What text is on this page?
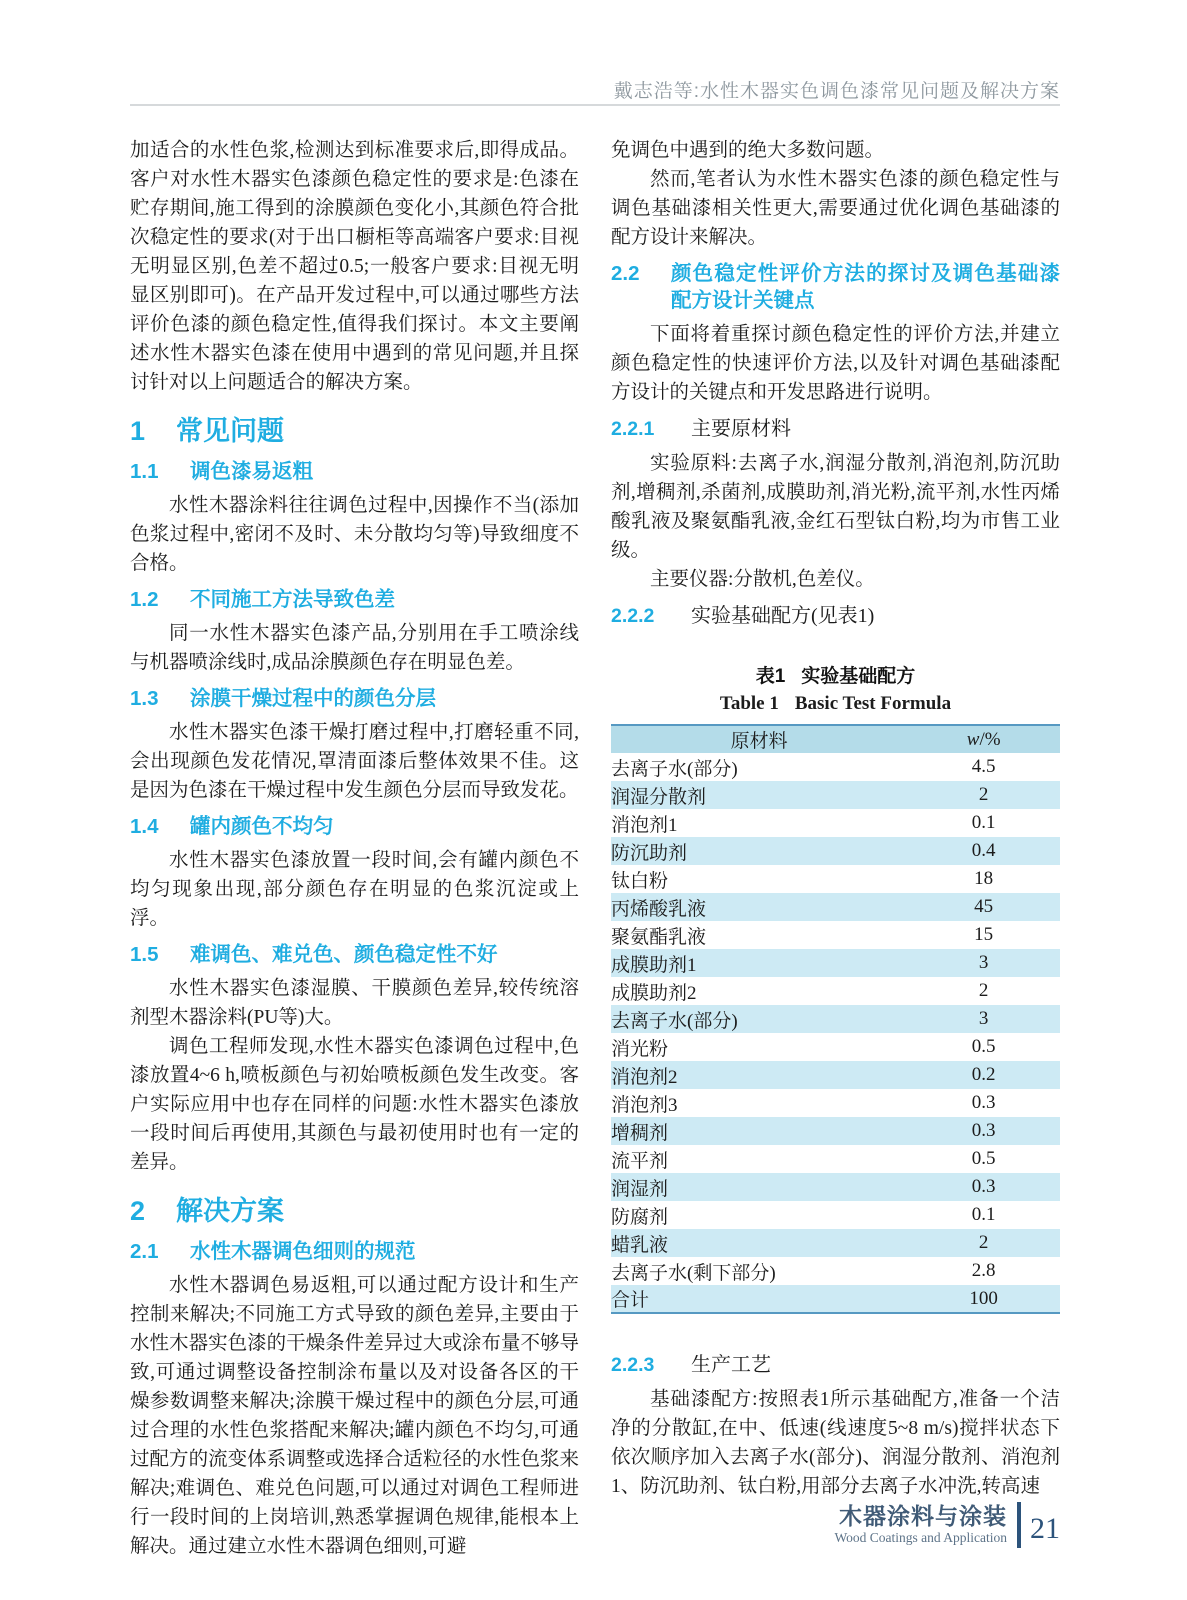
戴志浩等:水性木器实色调色漆常见问题及解决方案

加适合的水性色浆,检测达到标准要求后,即得成品。客户对水性木器实色漆颜色稳定性的要求是:色漆在贮存期间,施工得到的涂膜颜色变化小,其颜色符合批次稳定性的要求(对于出口橱柜等高端客户要求:目视无明显区别,色差不超过0.5;一般客户要求:目视无明显区别即可)。在产品开发过程中,可以通过哪些方法评价色漆的颜色稳定性,值得我们探讨。本文主要阐述水性木器实色漆在使用中遇到的常见问题,并且探讨针对以上问题适合的解决方案。

1	常见问题
1.1	调色漆易返粗

水性木器涂料往往调色过程中,因操作不当(添加色浆过程中,密闭不及时、未分散均匀等)导致细度不合格。

1.2	不同施工方法导致色差

同一水性木器实色漆产品,分别用在手工喷涂线与机器喷涂线时,成品涂膜颜色存在明显色差。

1.3	涂膜干燥过程中的颜色分层

水性木器实色漆干燥打磨过程中,打磨轻重不同,会出现颜色发花情况,罩清面漆后整体效果不佳。这是因为色漆在干燥过程中发生颜色分层而导致发花。

1.4	罐内颜色不均匀

水性木器实色漆放置一段时间,会有罐内颜色不均匀现象出现,部分颜色存在明显的色浆沉淀或上浮。

1.5	难调色、难兑色、颜色稳定性不好

水性木器实色漆湿膜、干膜颜色差异,较传统溶剂型木器涂料(PU等)大。

调色工程师发现,水性木器实色漆调色过程中,色漆放置4~6 h,喷板颜色与初始喷板颜色发生改变。客户实际应用中也存在同样的问题:水性木器实色漆放一段时间后再使用,其颜色与最初使用时也有一定的差异。

2	解决方案
2.1	水性木器调色细则的规范

水性木器调色易返粗,可以通过配方设计和生产控制来解决;不同施工方式导致的颜色差异,主要由于水性木器实色漆的干燥条件差异过大或涂布量不够导致,可通过调整设备控制涂布量以及对设备各区的干燥参数调整来解决;涂膜干燥过程中的颜色分层,可通过合理的水性色浆搭配来解决;罐内颜色不均匀,可通过配方的流变体系调整或选择合适粒径的水性色浆来解决;难调色、难兑色问题,可以通过对调色工程师进行一段时间的上岗培训,熟悉掌握调色规律,能根本上解决。通过建立水性木器调色细则,可避

免调色中遇到的绝大多数问题。

然而,笔者认为水性木器实色漆的颜色稳定性与调色基础漆相关性更大,需要通过优化调色基础漆的配方设计来解决。

2.2	颜色稳定性评价方法的探讨及调色基础漆配方设计关键点

下面将着重探讨颜色稳定性的评价方法,并建立颜色稳定性的快速评价方法,以及针对调色基础漆配方设计的关键点和开发思路进行说明。

2.2.1	主要原材料

实验原料:去离子水,润湿分散剂,消泡剂,防沉助剂,增稠剂,杀菌剂,成膜助剂,消光粉,流平剂,水性丙烯酸乳液及聚氨酯乳液,金红石型钛白粉,均为市售工业级。

主要仪器:分散机,色差仪。

2.2.2	实验基础配方(见表1)
表1 实验基础配方
Table 1 Basic Test Formula
原材料	w/%
去离子水(部分)	4.5
润湿分散剂	2
消泡剂1	0.1
防沉助剂	0.4
钛白粉	18
丙烯酸乳液	45
聚氨酯乳液	15
成膜助剂1	3
成膜助剂2	2
去离子水(部分)	3
消光粉	0.5
消泡剂2	0.2
消泡剂3	0.3
增稠剂	0.3
流平剂	0.5
润湿剂	0.3
防腐剂	0.1
蜡乳液	2
去离子水(剩下部分)	2.8
合计	100
2.2.3	生产工艺

基础漆配方:按照表1所示基础配方,准备一个洁净的分散缸,在中、低速(线速度5~8 m/s)搅拌状态下依次顺序加入去离子水(部分)、润湿分散剂、消泡剂1、防沉助剂、钛白粉,用部分去离子水冲洗,转高速

木器涂料与涂装
Wood Coatings and Application 21
